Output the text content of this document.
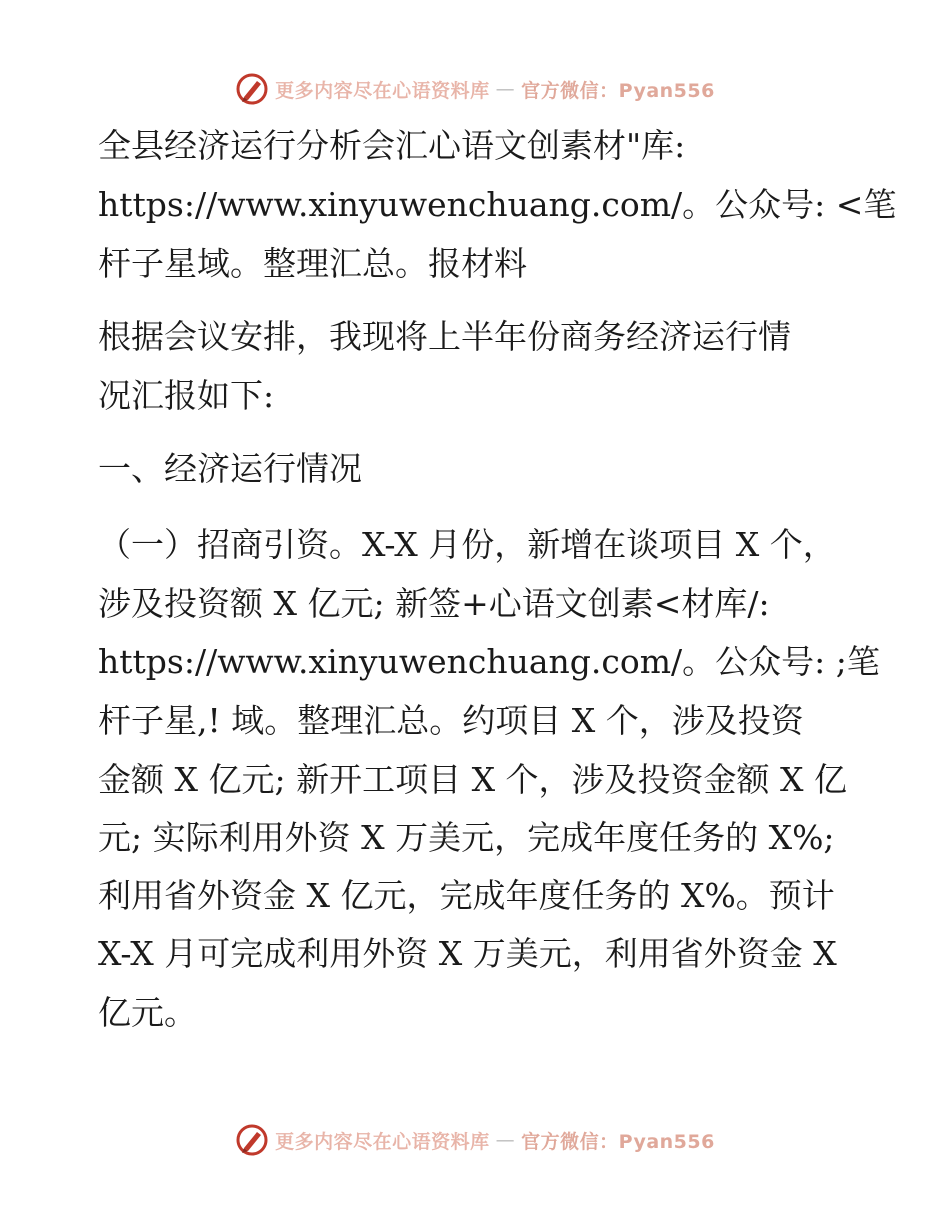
更多内容尽在心语资料库 — 官方微信：Pyan556
全县经济运行分析会汇心语文创素材"库:
https://www.xinyuwenchuang.com/。公众号: <笔
杆子星域。整理汇总。报材料
根据会议安排，我现将上半年份商务经济运行情
况汇报如下:
一、经济运行情况
（一）招商引资。X-X 月份，新增在谈项目 X 个，
涉及投资额 X 亿元; 新签+心语文创素<材库/:
https://www.xinyuwenchuang.com/。公众号: ;笔
杆子星,! 域。整理汇总。约项目 X 个，涉及投资
金额 X 亿元; 新开工项目 X 个，涉及投资金额 X 亿
元; 实际利用外资 X 万美元，完成年度任务的 X%;
利用省外资金 X 亿元，完成年度任务的 X%。预计
X-X 月可完成利用外资 X 万美元，利用省外资金 X
亿元。
更多内容尽在心语资料库 — 官方微信：Pyan556
